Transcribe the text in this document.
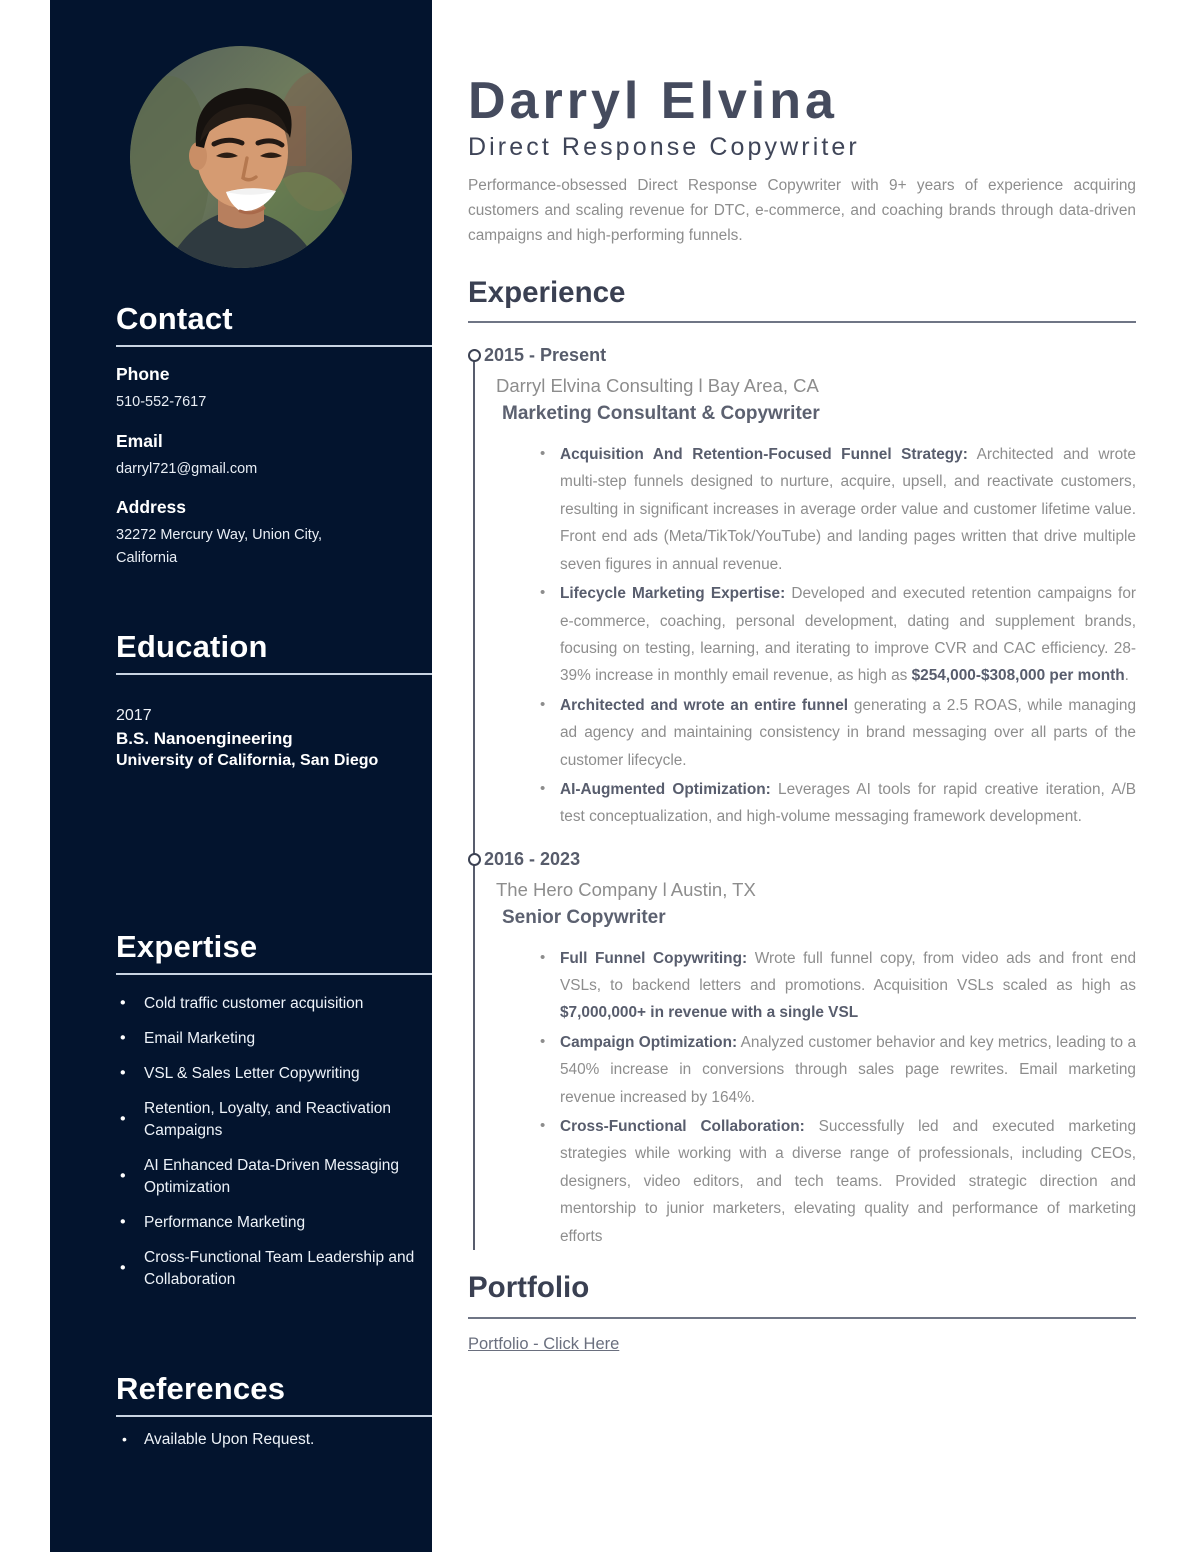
Contact
Phone
510-552-7617
Email
darryl721@gmail.com
Address
32272 Mercury Way, Union City, California
Education
2017
B.S. Nanoengineering
University of California, San Diego
Expertise
• Cold traffic customer acquisition
• Email Marketing
• VSL & Sales Letter Copywriting
• Retention, Loyalty, and Reactivation Campaigns
• AI Enhanced Data-Driven Messaging Optimization
• Performance Marketing
• Cross-Functional Team Leadership and Collaboration
References
• Available Upon Request.
Darryl Elvina
Direct Response Copywriter

Performance-obsessed Direct Response Copywriter with 9+ years of experience acquiring customers and scaling revenue for DTC, e-commerce, and coaching brands through data-driven campaigns and high-performing funnels.

Experience
2015 - Present
Darryl Elvina Consulting l Bay Area, CA
Marketing Consultant & Copywriter
• Acquisition And Retention-Focused Funnel Strategy: Architected and wrote multi-step funnels designed to nurture, acquire, upsell, and reactivate customers, resulting in significant increases in average order value and customer lifetime value. Front end ads (Meta/TikTok/YouTube) and landing pages written that drive multiple seven figures in annual revenue.
• Lifecycle Marketing Expertise: Developed and executed retention campaigns for e-commerce, coaching, personal development, dating and supplement brands, focusing on testing, learning, and iterating to improve CVR and CAC efficiency. 28-39% increase in monthly email revenue, as high as $254,000-$308,000 per month.
• Architected and wrote an entire funnel generating a 2.5 ROAS, while managing ad agency and maintaining consistency in brand messaging over all parts of the customer lifecycle.
• AI-Augmented Optimization: Leverages AI tools for rapid creative iteration, A/B test conceptualization, and high-volume messaging framework development.
2016 - 2023
The Hero Company l Austin, TX
Senior Copywriter
• Full Funnel Copywriting: Wrote full funnel copy, from video ads and front end VSLs, to backend letters and promotions. Acquisition VSLs scaled as high as $7,000,000+ in revenue with a single VSL
• Campaign Optimization: Analyzed customer behavior and key metrics, leading to a 540% increase in conversions through sales page rewrites. Email marketing revenue increased by 164%.
• Cross-Functional Collaboration: Successfully led and executed marketing strategies while working with a diverse range of professionals, including CEOs, designers, video editors, and tech teams. Provided strategic direction and mentorship to junior marketers, elevating quality and performance of marketing efforts
Portfolio
Portfolio - Click Here
